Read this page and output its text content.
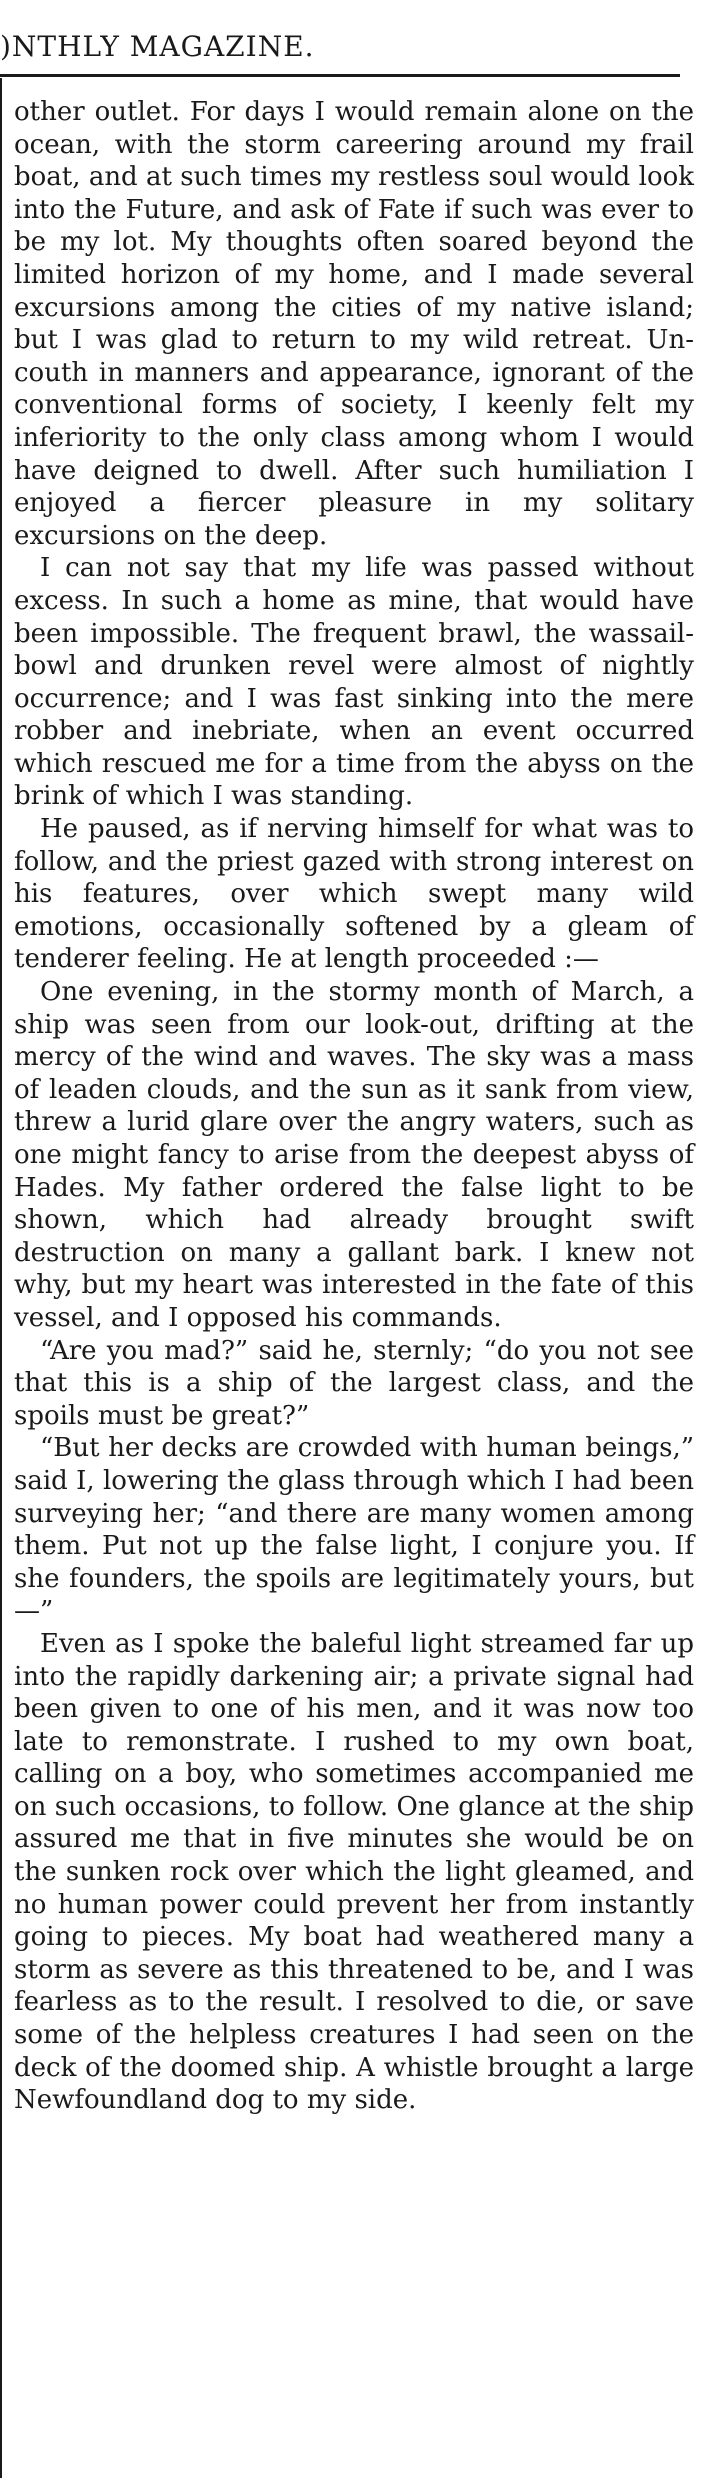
)NTHLY MAGAZINE.

other outlet. For days I would remain alone on the ocean, with the storm careering around my frail boat, and at such times my restless soul would look into the Future, and ask of Fate if such was ever to be my lot. My thoughts often soared beyond the limited horizon of my home, and I made several excursions among the cities of my native island; but I was glad to return to my wild retreat. Uncouth in manners and appearance, ignorant of the conventional forms of society, I keenly felt my inferiority to the only class among whom I would have deigned to dwell. After such humiliation I enjoyed a fiercer pleasure in my solitary excursions on the deep.

I can not say that my life was passed without excess. In such a home as mine, that would have been impossible. The frequent brawl, the wassail-bowl and drunken revel were almost of nightly occurrence; and I was fast sinking into the mere robber and inebriate, when an event occurred which rescued me for a time from the abyss on the brink of which I was standing.

He paused, as if nerving himself for what was to follow, and the priest gazed with strong interest on his features, over which swept many wild emotions, occasionally softened by a gleam of tenderer feeling. He at length proceeded :—

One evening, in the stormy month of March, a ship was seen from our look-out, drifting at the mercy of the wind and waves. The sky was a mass of leaden clouds, and the sun as it sank from view, threw a lurid glare over the angry waters, such as one might fancy to arise from the deepest abyss of Hades. My father ordered the false light to be shown, which had already brought swift destruction on many a gallant bark. I knew not why, but my heart was interested in the fate of this vessel, and I opposed his commands.

“Are you mad?” said he, sternly; “do you not see that this is a ship of the largest class, and the spoils must be great?”

“But her decks are crowded with human beings,” said I, lowering the glass through which I had been surveying her; “and there are many women among them. Put not up the false light, I conjure you. If she founders, the spoils are legitimately yours, but—”

Even as I spoke the baleful light streamed far up into the rapidly darkening air; a private signal had been given to one of his men, and it was now too late to remonstrate. I rushed to my own boat, calling on a boy, who sometimes accompanied me on such occasions, to follow. One glance at the ship assured me that in five minutes she would be on the sunken rock over which the light gleamed, and no human power could prevent her from instantly going to pieces. My boat had weathered many a storm as severe as this threatened to be, and I was fearless as to the result. I resolved to die, or save some of the helpless creatures I had seen on the deck of the doomed ship. A whistle brought a large Newfoundland dog to my side.
